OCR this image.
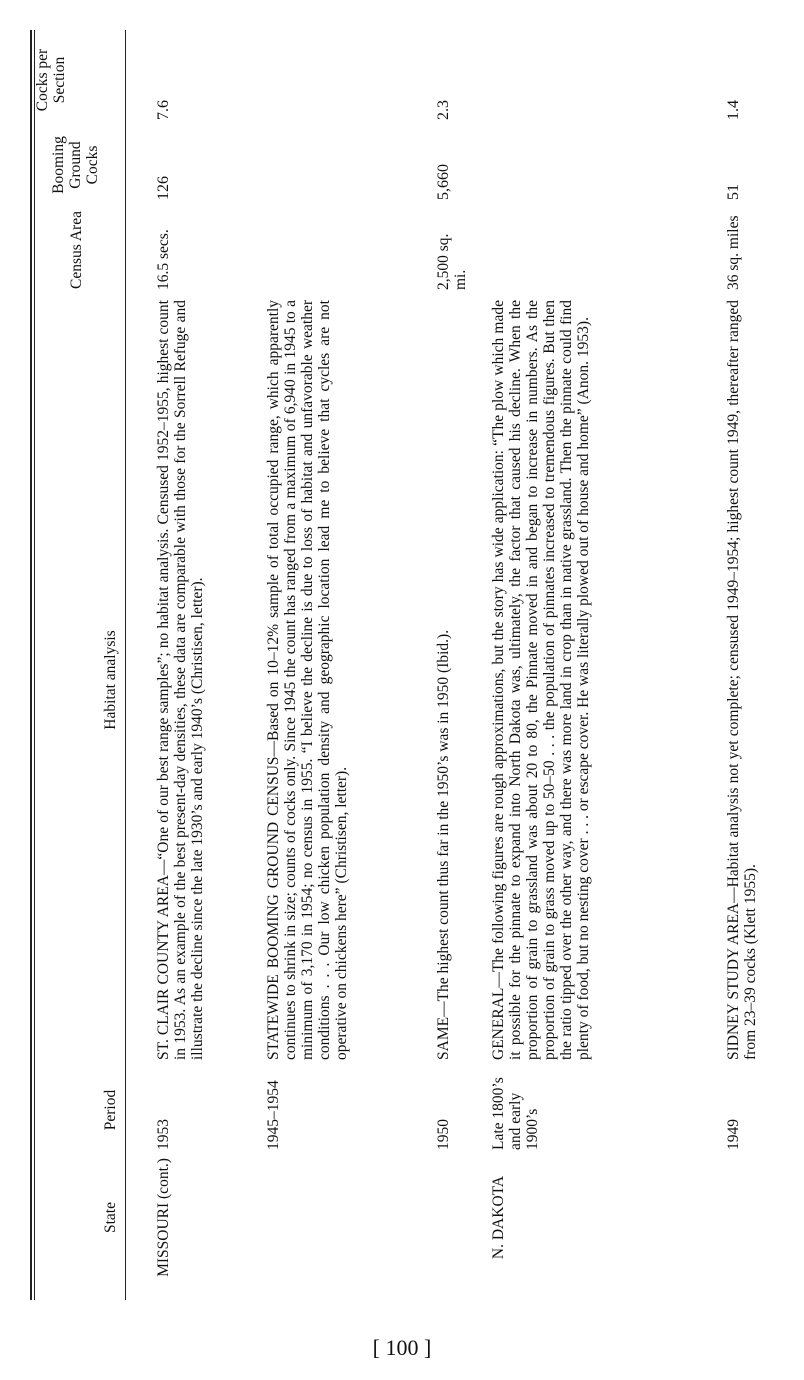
State
Period
Habitat analysis
Census Area
Booming Ground Cocks
Cocks per Section
MISSOURI (cont.)
1953
ST. CLAIR COUNTY AREA—“One of our best range samples”; no habitat analysis. Censused 1952–1955, highest count in 1953. As an example of the best present-day densities, these data are comparable with those for the Sorrell Refuge and illustrate the decline since the late 1930’s and early 1940’s (Christisen, letter).
16.5 secs.
126
7.6
1945–1954
STATEWIDE BOOMING GROUND CENSUS—Based on 10–12% sample of total occupied range, which apparently continues to shrink in size; counts of cocks only. Since 1945 the count has ranged from a maximum of 6,940 in 1945 to a minimum of 3,170 in 1954; no census in 1955. “I believe the decline is due to loss of habitat and unfavorable weather conditions . . . Our low chicken population density and geographic location lead me to believe that cycles are not operative on chickens here” (Christisen, letter).
1950
SAME—The highest count thus far in the 1950’s was in 1950 (Ibid.).
2,500 sq. mi.
5,660
2.3
N. DAKOTA
Late 1800’s and early 1900’s
GENERAL—The following figures are rough approximations, but the story has wide application: “The plow which made it possible for the pinnate to expand into North Dakota was, ultimately, the factor that caused his decline. When the proportion of grain to grassland was about 20 to 80, the Pinnate moved in and began to increase in numbers. As the proportion of grain to grass moved up to 50–50 . . . the population of pinnates increased to tremendous figures. But then the ratio tipped over the other way, and there was more land in crop than in native grassland. Then the pinnate could find plenty of food, but no nesting cover . . . or escape cover. He was literally plowed out of house and home” (Anon. 1953).
1949
SIDNEY STUDY AREA—Habitat analysis not yet complete; censused 1949–1954; highest count 1949, thereafter ranged from 23–39 cocks (Klett 1955).
36 sq. miles
51
1.4
[ 100 ]
